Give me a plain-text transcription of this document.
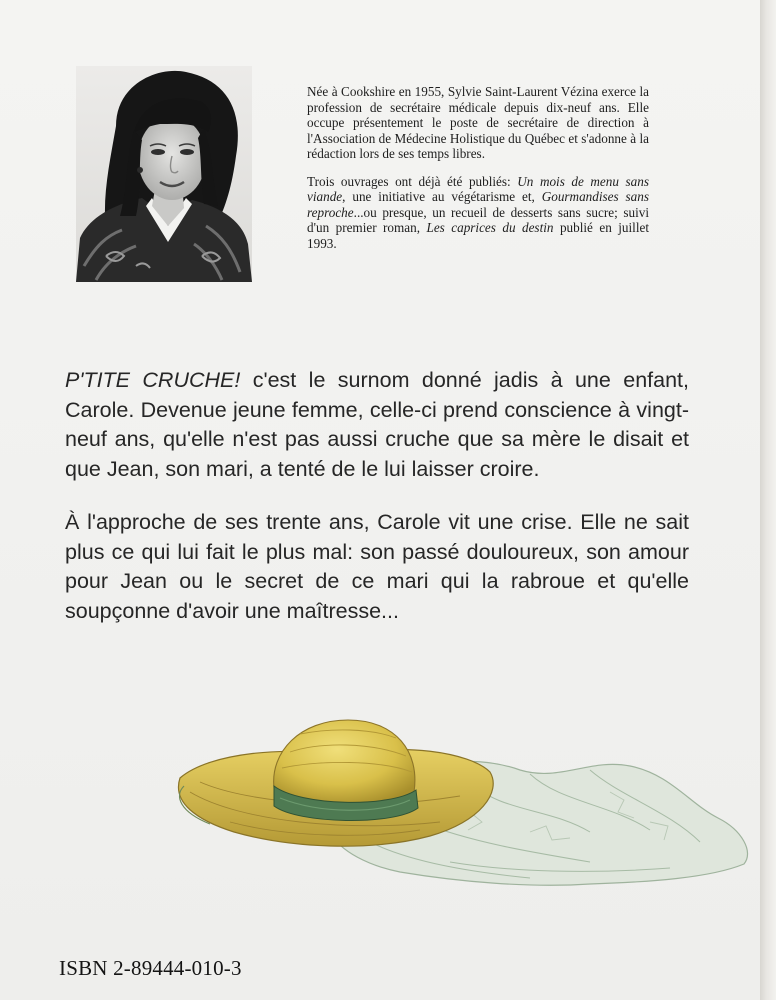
Née à Cookshire en 1955, Sylvie Saint-Laurent Vézina exerce la profession de secrétaire médicale depuis dix-neuf ans. Elle occupe présentement le poste de secrétaire de direction à l'Association de Médecine Holistique du Québec et s'adonne à la rédaction lors de ses temps libres.

Trois ouvrages ont déjà été publiés: Un mois de menu sans viande, une initiative au végétarisme et, Gourmandises sans reproche...ou presque, un recueil de desserts sans sucre; suivi d'un premier roman, Les caprices du destin publié en juillet 1993.

P'TITE CRUCHE! c'est le surnom donné jadis à une enfant, Carole. Devenue jeune femme, celle-ci prend conscience à vingt-neuf ans, qu'elle n'est pas aussi cruche que sa mère le disait et que Jean, son mari, a tenté de le lui laisser croire.

À l'approche de ses trente ans, Carole vit une crise. Elle ne sait plus ce qui lui fait le plus mal: son passé douloureux, son amour pour Jean ou le secret de ce mari qui la rabroue et qu'elle soupçonne d'avoir une maîtresse...

ISBN 2-89444-010-3
